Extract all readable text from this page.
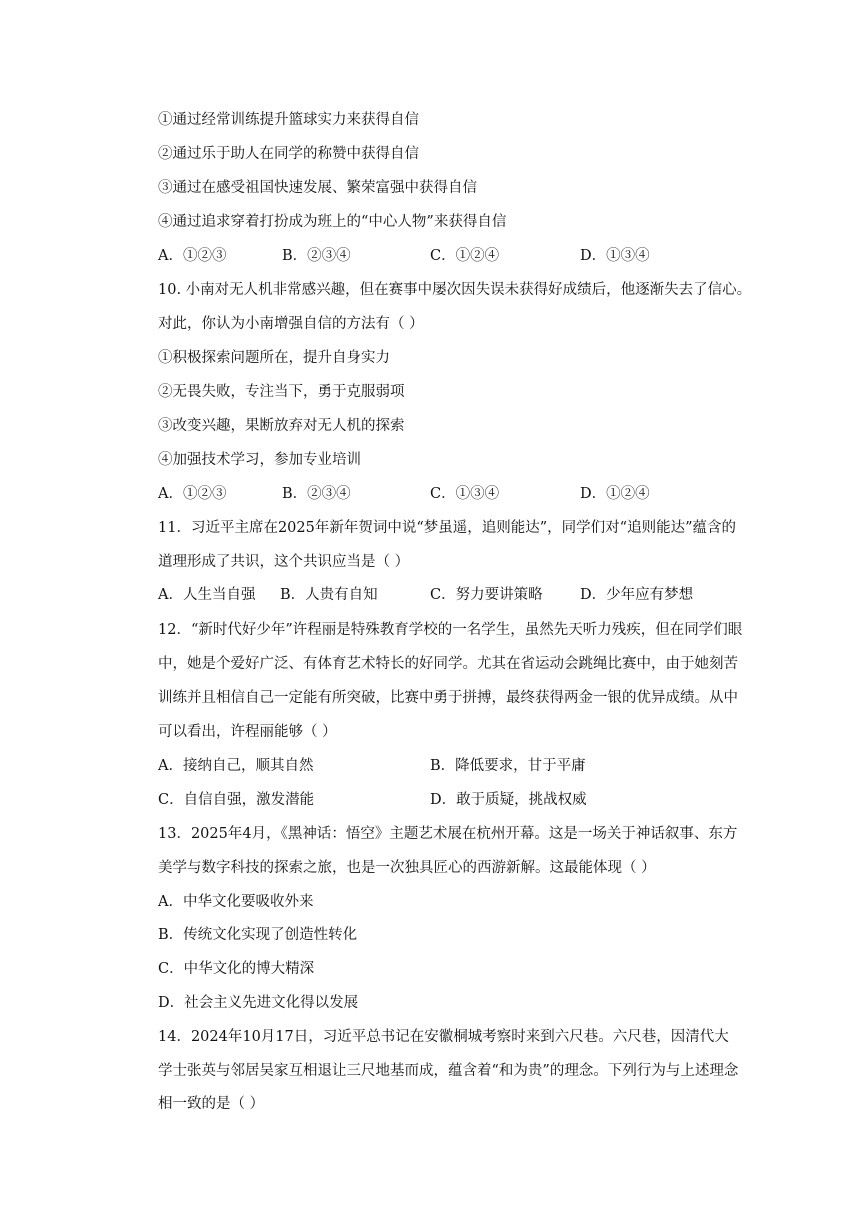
①通过经常训练提升篮球实力来获得自信
②通过乐于助人在同学的称赞中获得自信
③通过在感受祖国快速发展、繁荣富强中获得自信
④通过追求穿着打扮成为班上的“中心人物”来获得自信
A．①②③	B．②③④	C．①②④	D．①③④
10. 小南对无人机非常感兴趣，但在赛事中屡次因失误未获得好成绩后，他逐渐失去了信心。
对此，你认为小南增强自信的方法有（ ）
①积极探索问题所在，提升自身实力
②无畏失败，专注当下，勇于克服弱项
③改变兴趣，果断放弃对无人机的探索
④加强技术学习，参加专业培训
A．①②③	B．②③④	C．①③④	D．①②④
11．习近平主席在2025年新年贺词中说“梦虽遥，追则能达”，同学们对“追则能达”蕴含的
道理形成了共识，这个共识应当是（ ）
A．人生当自强 B．人贵有自知	C．努力要讲策略	D．少年应有梦想
12．“新时代好少年”许程丽是特殊教育学校的一名学生，虽然先天听力残疾，但在同学们眼
中，她是个爱好广泛、有体育艺术特长的好同学。尤其在省运动会跳绳比赛中，由于她刻苦
训练并且相信自己一定能有所突破，比赛中勇于拼搏，最终获得两金一银的优异成绩。从中
可以看出，许程丽能够（ ）
A．接纳自己，顺其自然	B．降低要求，甘于平庸
C．自信自强，激发潜能	D．敢于质疑，挑战权威
13．2025年4月，《黑神话：悟空》主题艺术展在杭州开幕。这是一场关于神话叙事、东方
美学与数字科技的探索之旅，也是一次独具匠心的西游新解。这最能体现（ ）
A．中华文化要吸收外来
B．传统文化实现了创造性转化
C．中华文化的博大精深
D．社会主义先进文化得以发展
14．2024年10月17日，习近平总书记在安徽桐城考察时来到六尺巷。六尺巷，因清代大
学士张英与邻居吴家互相退让三尺地基而成，蕴含着“和为贵”的理念。下列行为与上述理念
相一致的是（ ）
